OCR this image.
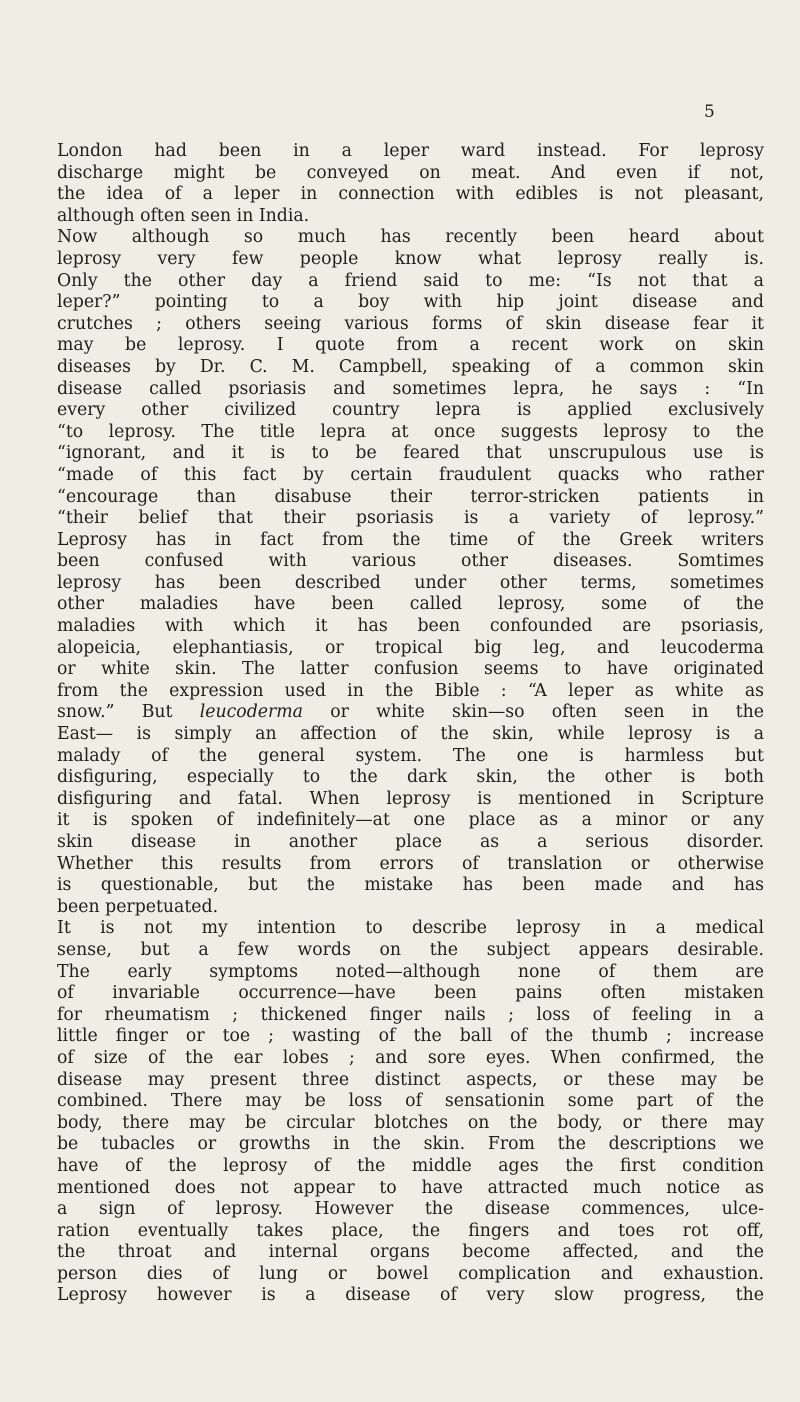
5
London had been in a leper ward instead. For leprosy
discharge might be conveyed on meat. And even if not,
the idea of a leper in connection with edibles is not pleasant,
although often seen in India.
Now although so much has recently been heard about
leprosy very few people know what leprosy really is.
Only the other day a friend said to me: “Is not that a
leper?” pointing to a boy with hip joint disease and
crutches ; others seeing various forms of skin disease fear it
may be leprosy. I quote from a recent work on skin
diseases by Dr. C. M. Campbell, speaking of a common skin
disease called psoriasis and sometimes lepra, he says : “In
every other civilized country lepra is applied exclusively
“to leprosy. The title lepra at once suggests leprosy to the
“ignorant, and it is to be feared that unscrupulous use is
“made of this fact by certain fraudulent quacks who rather
“encourage than disabuse their terror-stricken patients in
“their belief that their psoriasis is a variety of leprosy.”
Leprosy has in fact from the time of the Greek writers
been confused with various other diseases. Somtimes
leprosy has been described under other terms, sometimes
other maladies have been called leprosy, some of the
maladies with which it has been confounded are psoriasis,
alopeicia, elephantiasis, or tropical big leg, and leucoderma
or white skin. The latter confusion seems to have originated
from the expression used in the Bible : “A leper as white as
snow.” But leucoderma or white skin—so often seen in the
East— is simply an affection of the skin, while leprosy is a
malady of the general system. The one is harmless but
disfiguring, especially to the dark skin, the other is both
disfiguring and fatal. When leprosy is mentioned in Scripture
it is spoken of indefinitely—at one place as a minor or any
skin disease in another place as a serious disorder.
Whether this results from errors of translation or otherwise
is questionable, but the mistake has been made and has
been perpetuated.
It is not my intention to describe leprosy in a medical
sense, but a few words on the subject appears desirable.
The early symptoms noted—although none of them are
of invariable occurrence—have been pains often mistaken
for rheumatism ; thickened finger nails ; loss of feeling in a
little finger or toe ; wasting of the ball of the thumb ; increase
of size of the ear lobes ; and sore eyes. When confirmed, the
disease may present three distinct aspects, or these may be
combined. There may be loss of sensationin some part of the
body, there may be circular blotches on the body, or there may
be tubacles or growths in the skin. From the descriptions we
have of the leprosy of the middle ages the first condition
mentioned does not appear to have attracted much notice as
a sign of leprosy. However the disease commences, ulce-
ration eventually takes place, the fingers and toes rot off,
the throat and internal organs become affected, and the
person dies of lung or bowel complication and exhaustion.
Leprosy however is a disease of very slow progress, the
